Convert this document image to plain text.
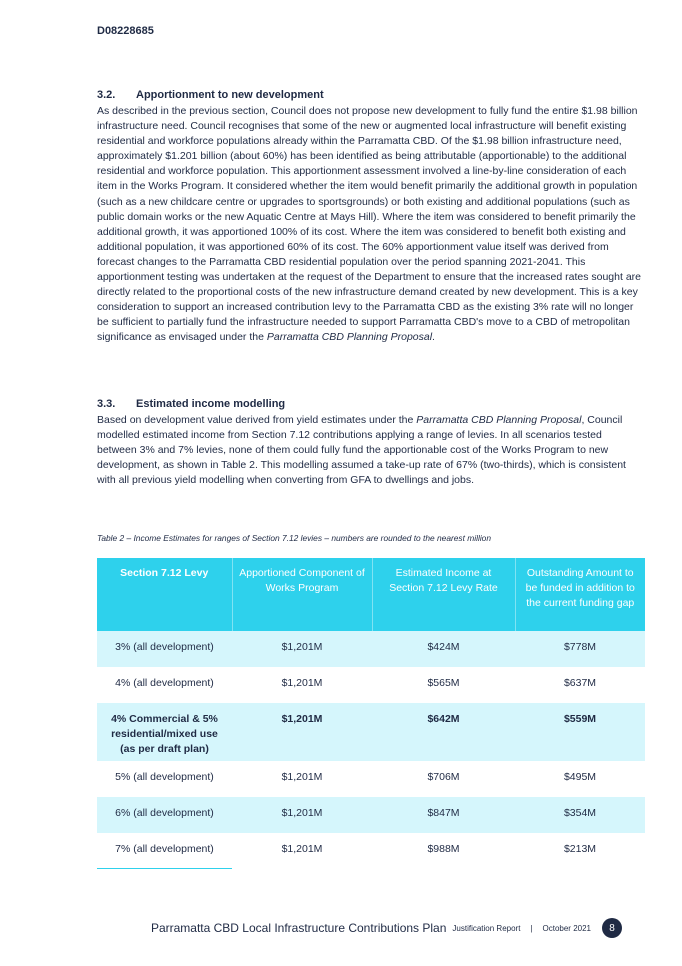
D08228685
3.2.	Apportionment to new development

As described in the previous section, Council does not propose new development to fully fund the entire $1.98 billion infrastructure need. Council recognises that some of the new or augmented local infrastructure will benefit existing residential and workforce populations already within the Parramatta CBD. Of the $1.98 billion infrastructure need, approximately $1.201 billion (about 60%) has been identified as being attributable (apportionable) to the additional residential and workforce population. This apportionment assessment involved a line-by-line consideration of each item in the Works Program. It considered whether the item would benefit primarily the additional growth in population (such as a new childcare centre or upgrades to sportsgrounds) or both existing and additional populations (such as public domain works or the new Aquatic Centre at Mays Hill). Where the item was considered to benefit primarily the additional growth, it was apportioned 100% of its cost. Where the item was considered to benefit both existing and additional population, it was apportioned 60% of its cost. The 60% apportionment value itself was derived from forecast changes to the Parramatta CBD residential population over the period spanning 2021-2041. This apportionment testing was undertaken at the request of the Department to ensure that the increased rates sought are directly related to the proportional costs of the new infrastructure demand created by new development. This is a key consideration to support an increased contribution levy to the Parramatta CBD as the existing 3% rate will no longer be sufficient to partially fund the infrastructure needed to support Parramatta CBD's move to a CBD of metropolitan significance as envisaged under the Parramatta CBD Planning Proposal.

3.3.	Estimated income modelling

Based on development value derived from yield estimates under the Parramatta CBD Planning Proposal, Council modelled estimated income from Section 7.12 contributions applying a range of levies. In all scenarios tested between 3% and 7% levies, none of them could fully fund the apportionable cost of the Works Program to new development, as shown in Table 2. This modelling assumed a take-up rate of 67% (two-thirds), which is consistent with all previous yield modelling when converting from GFA to dwellings and jobs.

Table 2 – Income Estimates for ranges of Section 7.12 levies – numbers are rounded to the nearest million
Section 7.12 Levy	Apportioned Component of Works Program	Estimated Income at Section 7.12 Levy Rate	Outstanding Amount to be funded in addition to the current funding gap
3% (all development)	$1,201M	$424M	$778M
4% (all development)	$1,201M	$565M	$637M
4% Commercial & 5% residential/mixed use (as per draft plan)	$1,201M	$642M	$559M
5% (all development)	$1,201M	$706M	$495M
6% (all development)	$1,201M	$847M	$354M
7% (all development)	$1,201M	$988M	$213M
Parramatta CBD Local Infrastructure Contributions Plan Justification Report | October 2021	8
